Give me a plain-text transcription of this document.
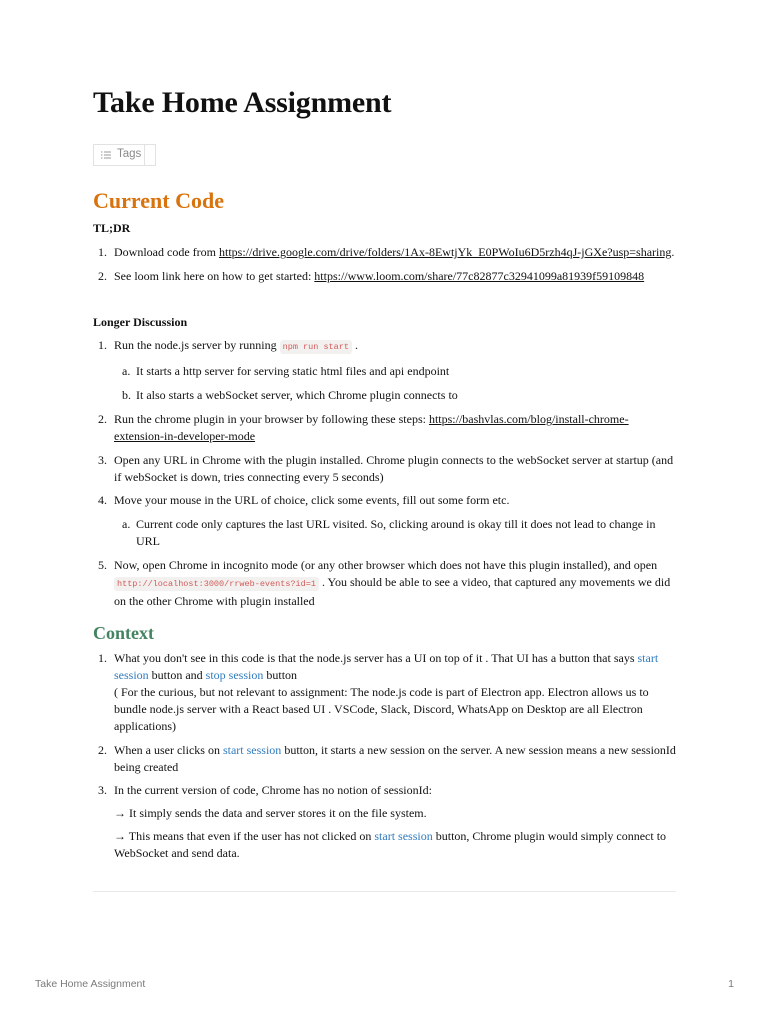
Take Home Assignment
Tags
Current Code
TL;DR
1. Download code from https://drive.google.com/drive/folders/1Ax-8EwtjYk_E0PWoIu6D5rzh4qJ-jGXe?usp=sharing.
2. See loom link here on how to get started: https://www.loom.com/share/77c82877c32941099a81939f59109848
Longer Discussion
1. Run the node.js server by running npm run start .
a. It starts a http server for serving static html files and api endpoint
b. It also starts a webSocket server, which Chrome plugin connects to
2. Run the chrome plugin in your browser by following these steps: https://bashvlas.com/blog/install-chrome-extension-in-developer-mode
3. Open any URL in Chrome with the plugin installed. Chrome plugin connects to the webSocket server at startup (and if webSocket is down, tries connecting every 5 seconds)
4. Move your mouse in the URL of choice, click some events, fill out some form etc.
a. Current code only captures the last URL visited. So, clicking around is okay till it does not lead to change in URL
5. Now, open Chrome in incognito mode (or any other browser which does not have this plugin installed), and open http://localhost:3000/rrweb-events?id=1 . You should be able to see a video, that captured any movements we did on the other Chrome with plugin installed
Context
1. What you don't see in this code is that the node.js server has a UI on top of it . That UI has a button that says start session button and stop session button
( For the curious, but not relevant to assignment: The node.js code is part of Electron app. Electron allows us to bundle node.js server with a React based UI . VSCode, Slack, Discord, WhatsApp on Desktop are all Electron applications)
2. When a user clicks on start session button, it starts a new session on the server. A new session means a new sessionId being created
3. In the current version of code, Chrome has no notion of sessionId:
→ It simply sends the data and server stores it on the file system.
→ This means that even if the user has not clicked on start session button, Chrome plugin would simply connect to WebSocket and send data.
Take Home Assignment	1
